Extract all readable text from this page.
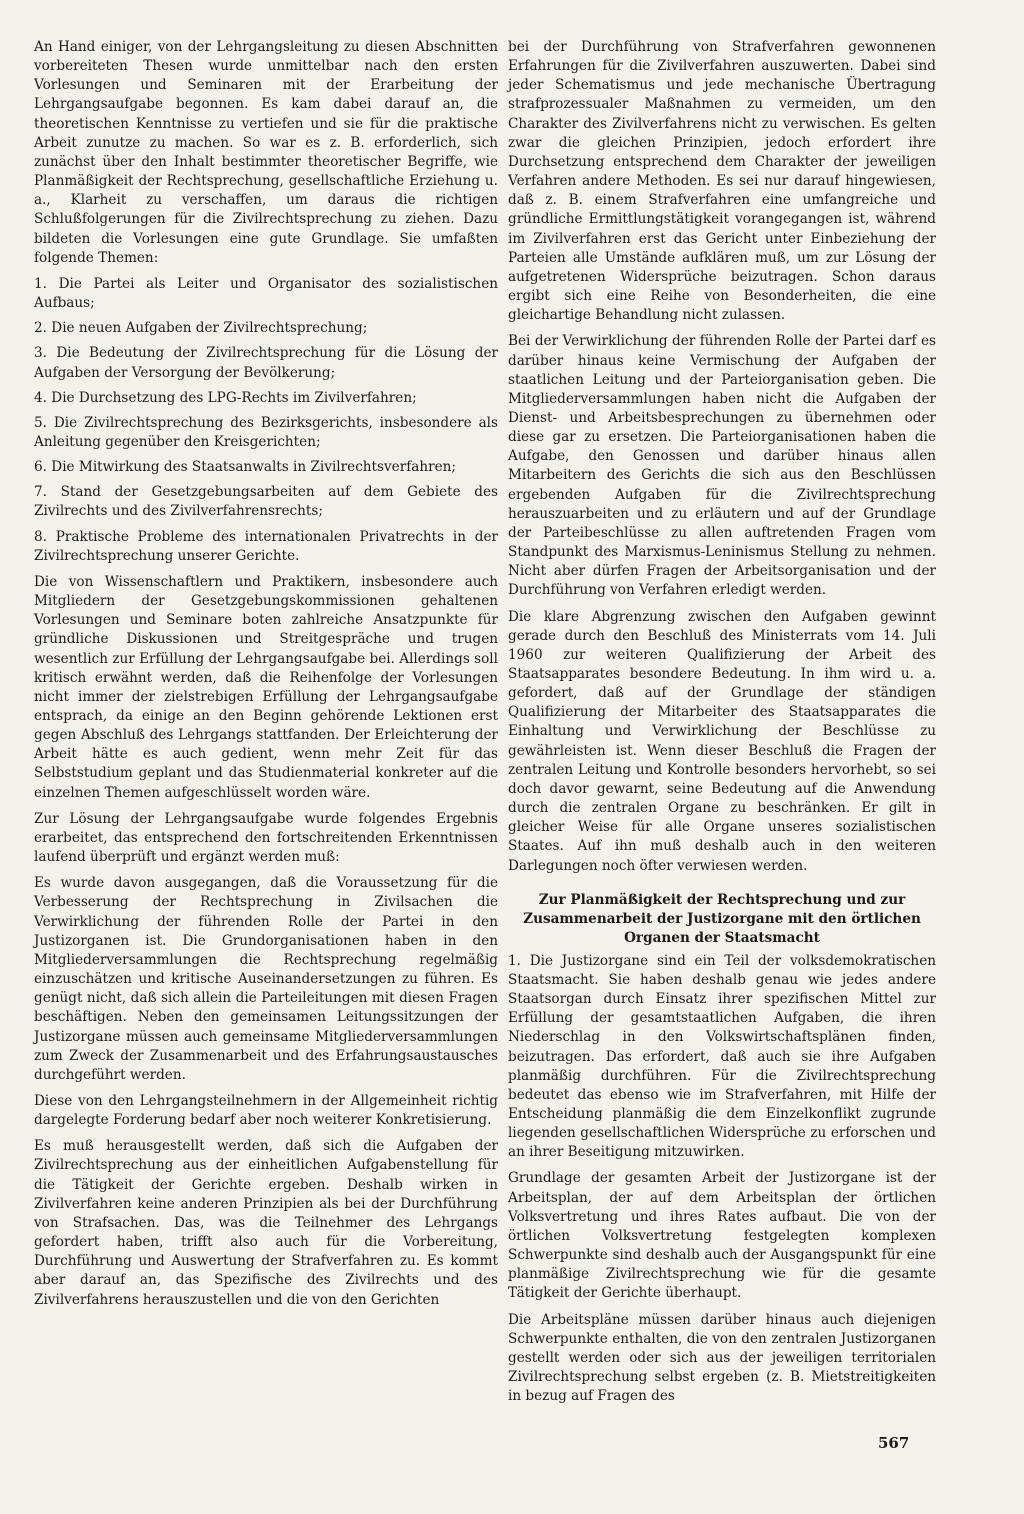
An Hand einiger, von der Lehrgangsleitung zu diesen Abschnitten vorbereiteten Thesen wurde unmittelbar nach den ersten Vorlesungen und Seminaren mit der Erarbeitung der Lehrgangsaufgabe begonnen. Es kam dabei darauf an, die theoretischen Kenntnisse zu vertiefen und sie für die praktische Arbeit zunutze zu machen. So war es z. B. erforderlich, sich zunächst über den Inhalt bestimmter theoretischer Begriffe, wie Planmäßigkeit der Rechtsprechung, gesellschaftliche Erziehung u. a., Klarheit zu verschaffen, um daraus die richtigen Schlußfolgerungen für die Zivilrechtsprechung zu ziehen. Dazu bildeten die Vorlesungen eine gute Grundlage. Sie umfaßten folgende Themen:

1. Die Partei als Leiter und Organisator des sozialistischen Aufbaus;
2. Die neuen Aufgaben der Zivilrechtsprechung;
3. Die Bedeutung der Zivilrechtsprechung für die Lösung der Aufgaben der Versorgung der Bevölkerung;
4. Die Durchsetzung des LPG-Rechts im Zivilverfahren;
5. Die Zivilrechtsprechung des Bezirksgerichts, insbesondere als Anleitung gegenüber den Kreisgerichten;
6. Die Mitwirkung des Staatsanwalts in Zivilrechtsverfahren;
7. Stand der Gesetzgebungsarbeiten auf dem Gebiete des Zivilrechts und des Zivilverfahrensrechts;
8. Praktische Probleme des internationalen Privatrechts in der Zivilrechtsprechung unserer Gerichte.

Die von Wissenschaftlern und Praktikern, insbesondere auch Mitgliedern der Gesetzgebungskommissionen gehaltenen Vorlesungen und Seminare boten zahlreiche Ansatzpunkte für gründliche Diskussionen und Streitgespräche und trugen wesentlich zur Erfüllung der Lehrgangsaufgabe bei. Allerdings soll kritisch erwähnt werden, daß die Reihenfolge der Vorlesungen nicht immer der zielstrebigen Erfüllung der Lehrgangsaufgabe entsprach, da einige an den Beginn gehörende Lektionen erst gegen Abschluß des Lehrgangs stattfanden. Der Erleichterung der Arbeit hätte es auch gedient, wenn mehr Zeit für das Selbststudium geplant und das Studienmaterial konkreter auf die einzelnen Themen aufgeschlüsselt worden wäre.

Zur Lösung der Lehrgangsaufgabe wurde folgendes Ergebnis erarbeitet, das entsprechend den fortschreitenden Erkenntnissen laufend überprüft und ergänzt werden muß:

Es wurde davon ausgegangen, daß die Voraussetzung für die Verbesserung der Rechtsprechung in Zivilsachen die Verwirklichung der führenden Rolle der Partei in den Justizorganen ist. Die Grundorganisationen haben in den Mitgliederversammlungen die Rechtsprechung regelmäßig einzuschätzen und kritische Auseinandersetzungen zu führen. Es genügt nicht, daß sich allein die Parteileitungen mit diesen Fragen beschäftigen. Neben den gemeinsamen Leitungssitzungen der Justizorgane müssen auch gemeinsame Mitgliederversammlungen zum Zweck der Zusammenarbeit und des Erfahrungsaustausches durchgeführt werden.

Diese von den Lehrgangsteilnehmern in der Allgemeinheit richtig dargelegte Forderung bedarf aber noch weiterer Konkretisierung.

Es muß herausgestellt werden, daß sich die Aufgaben der Zivilrechtsprechung aus der einheitlichen Aufgabenstellung für die Tätigkeit der Gerichte ergeben. Deshalb wirken in Zivilverfahren keine anderen Prinzipien als bei der Durchführung von Strafsachen. Das, was die Teilnehmer des Lehrgangs gefordert haben, trifft also auch für die Vorbereitung, Durchführung und Auswertung der Strafverfahren zu. Es kommt aber darauf an, das Spezifische des Zivilrechts und des Zivilverfahrens herauszustellen und die von den Gerichten

bei der Durchführung von Strafverfahren gewonnenen Erfahrungen für die Zivilverfahren auszuwerten. Dabei sind jeder Schematismus und jede mechanische Übertragung strafprozessualer Maßnahmen zu vermeiden, um den Charakter des Zivilverfahrens nicht zu verwischen. Es gelten zwar die gleichen Prinzipien, jedoch erfordert ihre Durchsetzung entsprechend dem Charakter der jeweiligen Verfahren andere Methoden. Es sei nur darauf hingewiesen, daß z. B. einem Strafverfahren eine umfangreiche und gründliche Ermittlungstätigkeit vorangegangen ist, während im Zivilverfahren erst das Gericht unter Einbeziehung der Parteien alle Umstände aufklären muß, um zur Lösung der aufgetretenen Widersprüche beizutragen. Schon daraus ergibt sich eine Reihe von Besonderheiten, die eine gleichartige Behandlung nicht zulassen.

Bei der Verwirklichung der führenden Rolle der Partei darf es darüber hinaus keine Vermischung der Aufgaben der staatlichen Leitung und der Parteiorganisation geben. Die Mitgliederversammlungen haben nicht die Aufgaben der Dienst- und Arbeitsbesprechungen zu übernehmen oder diese gar zu ersetzen. Die Parteiorganisationen haben die Aufgabe, den Genossen und darüber hinaus allen Mitarbeitern des Gerichts die sich aus den Beschlüssen ergebenden Aufgaben für die Zivilrechtsprechung herauszuarbeiten und zu erläutern und auf der Grundlage der Parteibeschlüsse zu allen auftretenden Fragen vom Standpunkt des Marxismus-Leninismus Stellung zu nehmen. Nicht aber dürfen Fragen der Arbeitsorganisation und der Durchführung von Verfahren erledigt werden.

Die klare Abgrenzung zwischen den Aufgaben gewinnt gerade durch den Beschluß des Ministerrats vom 14. Juli 1960 zur weiteren Qualifizierung der Arbeit des Staatsapparates besondere Bedeutung. In ihm wird u. a. gefordert, daß auf der Grundlage der ständigen Qualifizierung der Mitarbeiter des Staatsapparates die Einhaltung und Verwirklichung der Beschlüsse zu gewährleisten ist. Wenn dieser Beschluß die Fragen der zentralen Leitung und Kontrolle besonders hervorhebt, so sei doch davor gewarnt, seine Bedeutung auf die Anwendung durch die zentralen Organe zu beschränken. Er gilt in gleicher Weise für alle Organe unseres sozialistischen Staates. Auf ihn muß deshalb auch in den weiteren Darlegungen noch öfter verwiesen werden.

Zur Planmäßigkeit der Rechtsprechung und zur Zusammenarbeit der Justizorgane mit den örtlichen Organen der Staatsmacht

1. Die Justizorgane sind ein Teil der volksdemokratischen Staatsmacht. Sie haben deshalb genau wie jedes andere Staatsorgan durch Einsatz ihrer spezifischen Mittel zur Erfüllung der gesamtstaatlichen Aufgaben, die ihren Niederschlag in den Volkswirtschaftsplänen finden, beizutragen. Das erfordert, daß auch sie ihre Aufgaben planmäßig durchführen. Für die Zivilrechtsprechung bedeutet das ebenso wie im Strafverfahren, mit Hilfe der Entscheidung planmäßig die dem Einzelkonflikt zugrunde liegenden gesellschaftlichen Widersprüche zu erforschen und an ihrer Beseitigung mitzuwirken.

Grundlage der gesamten Arbeit der Justizorgane ist der Arbeitsplan, der auf dem Arbeitsplan der örtlichen Volksvertretung und ihres Rates aufbaut. Die von der örtlichen Volksvertretung festgelegten komplexen Schwerpunkte sind deshalb auch der Ausgangspunkt für eine planmäßige Zivilrechtsprechung wie für die gesamte Tätigkeit der Gerichte überhaupt.

Die Arbeitspläne müssen darüber hinaus auch diejenigen Schwerpunkte enthalten, die von den zentralen Justizorganen gestellt werden oder sich aus der jeweiligen territorialen Zivilrechtsprechung selbst ergeben (z. B. Mietstreitigkeiten in bezug auf Fragen des

567
